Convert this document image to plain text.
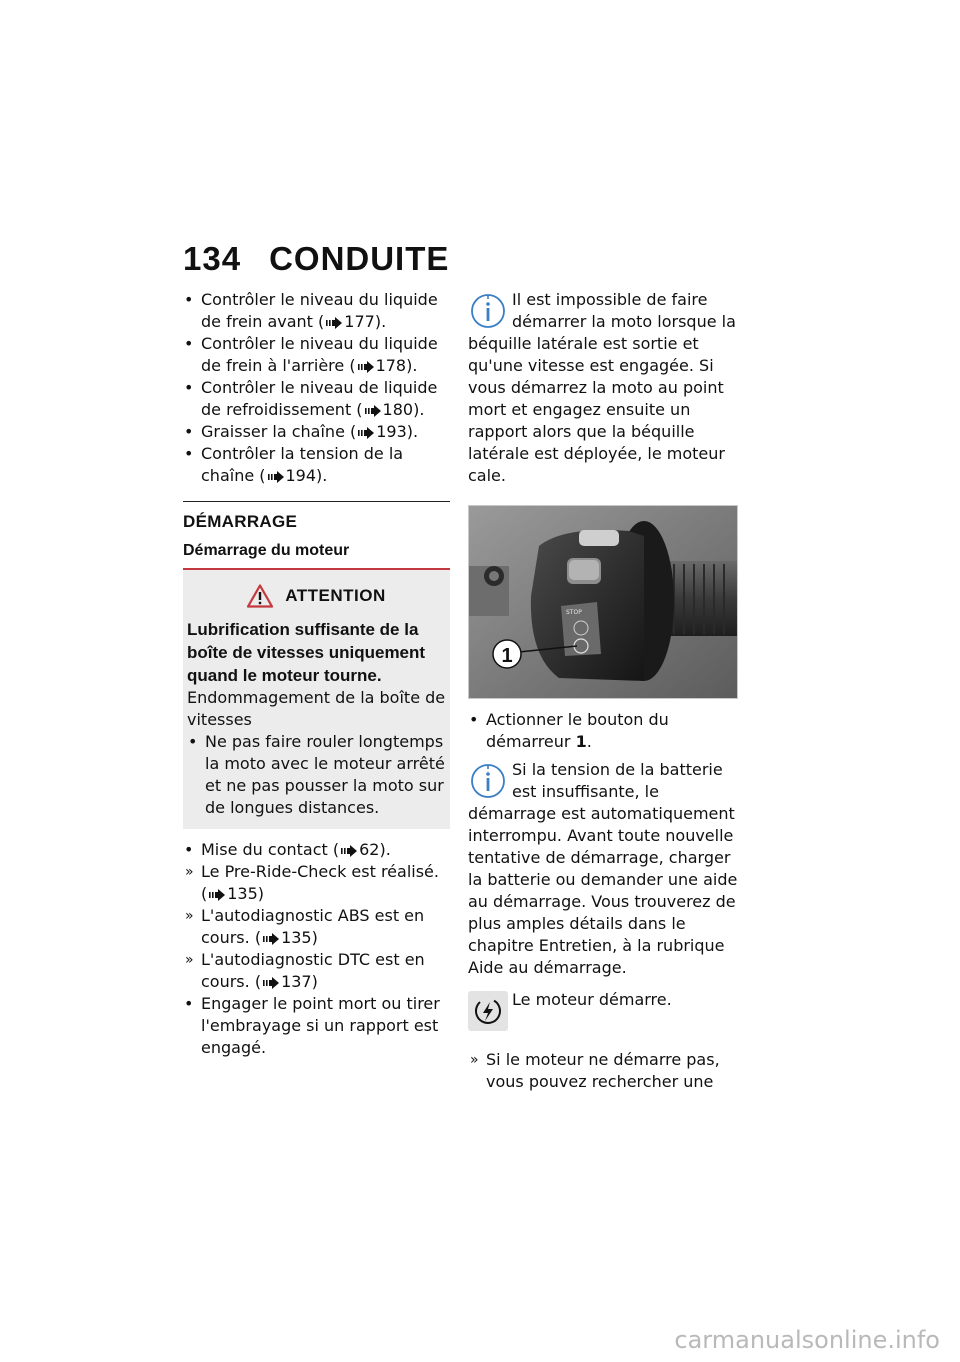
134 CONDUITE
• Contrôler le niveau du liquide de frein avant ( 177).
• Contrôler le niveau du liquide de frein à l'arrière ( 178).
• Contrôler le niveau de liquide de refroidissement ( 180).
• Graisser la chaîne ( 193).
• Contrôler la tension de la chaîne ( 194).
DÉMARRAGE
Démarrage du moteur
ATTENTION
Lubrification suffisante de la boîte de vitesses uniquement quand le moteur tourne.
Endommagement de la boîte de vitesses
• Ne pas faire rouler longtemps la moto avec le moteur arrêté et ne pas pousser la moto sur de longues distances.
• Mise du contact ( 62).
» Le Pre-Ride-Check est réalisé. ( 135)
» L'autodiagnostic ABS est en cours. ( 135)
» L'autodiagnostic DTC est en cours. ( 137)
• Engager le point mort ou tirer l'embrayage si un rapport est engagé.
Il est impossible de faire démarrer la moto lorsque la béquille latérale est sortie et qu'une vitesse est engagée. Si vous démarrez la moto au point mort et engagez ensuite un rapport alors que la béquille latérale est déployée, le moteur cale.
STOP
1
• Actionner le bouton du démarreur 1.
Si la tension de la batterie est insuffisante, le démarrage est automatiquement interrompu. Avant toute nouvelle tentative de démarrage, charger la batterie ou demander une aide au démarrage. Vous trouverez de plus amples détails dans le chapitre Entretien, à la rubrique Aide au démarrage.
Le moteur démarre.
» Si le moteur ne démarre pas, vous pouvez rechercher une
carmanualsonline.info
